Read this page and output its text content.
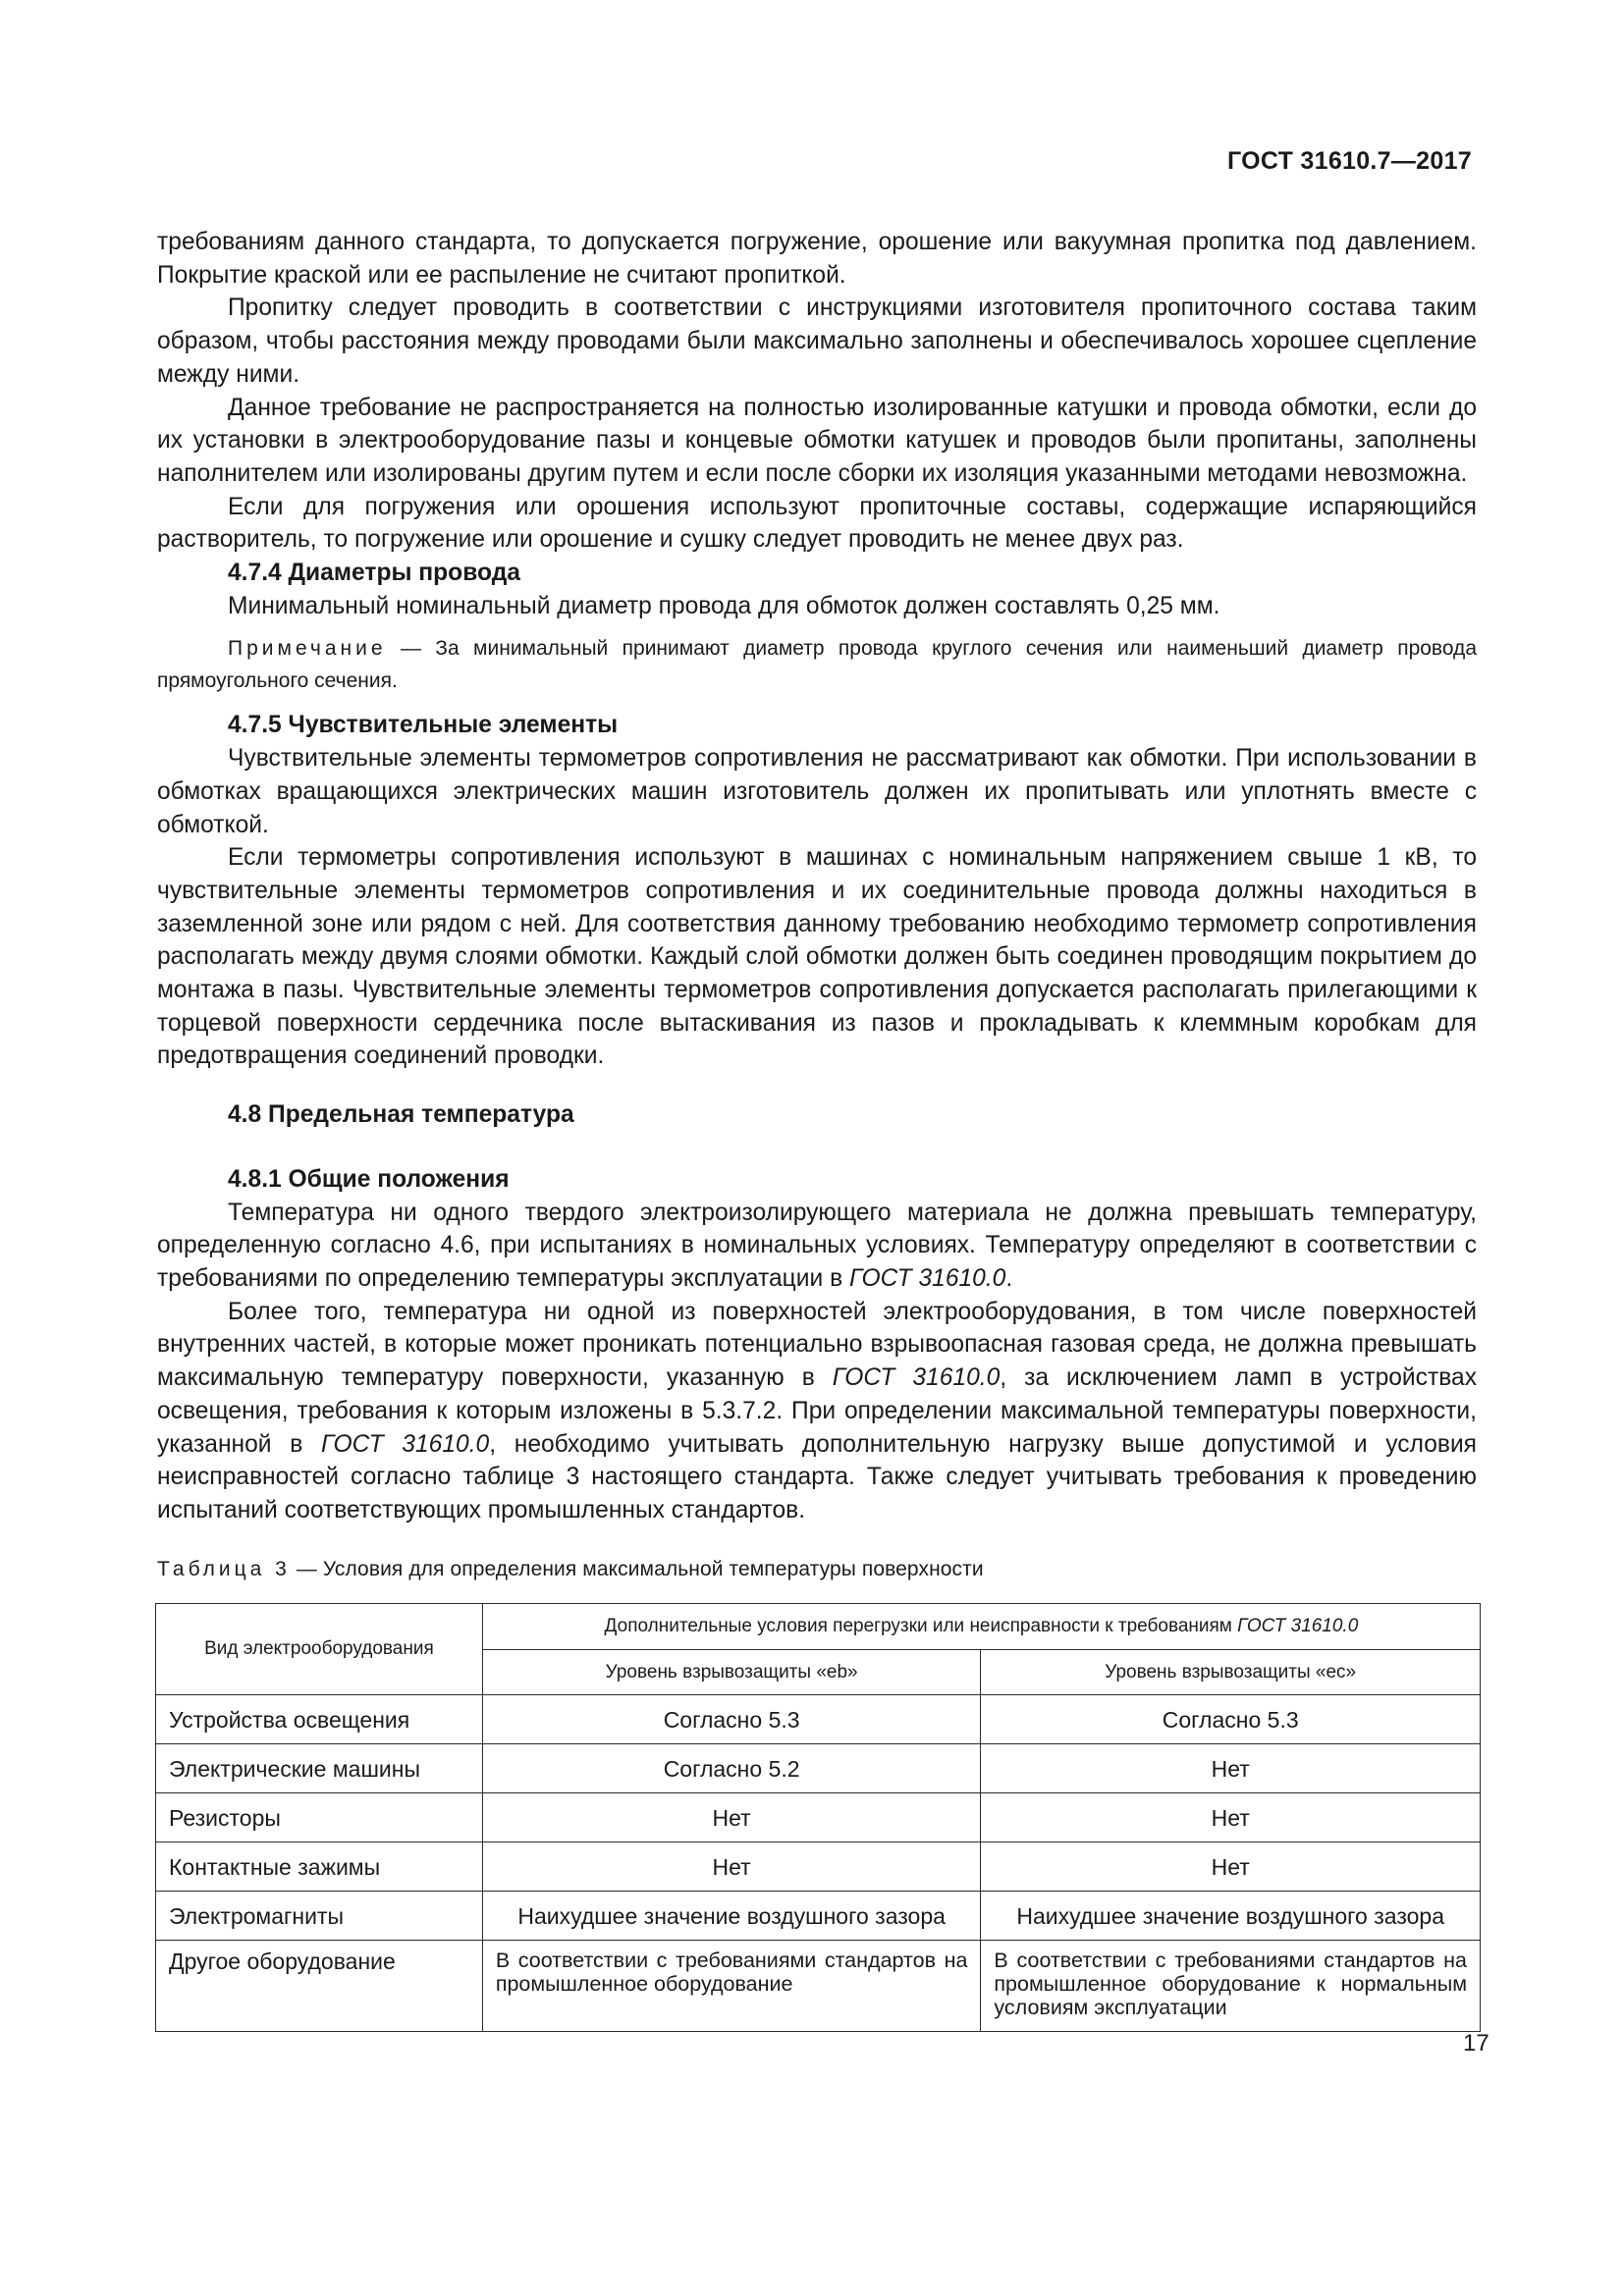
ГОСТ 31610.7—2017

требованиям данного стандарта, то допускается погружение, орошение или вакуумная пропитка под давлением. Покрытие краской или ее распыление не считают пропиткой.

Пропитку следует проводить в соответствии с инструкциями изготовителя пропиточного состава таким образом, чтобы расстояния между проводами были максимально заполнены и обеспечивалось хорошее сцепление между ними.

Данное требование не распространяется на полностью изолированные катушки и провода обмотки, если до их установки в электрооборудование пазы и концевые обмотки катушек и проводов были пропитаны, заполнены наполнителем или изолированы другим путем и если после сборки их изоляция указанными методами невозможна.

Если для погружения или орошения используют пропиточные составы, содержащие испаряющийся растворитель, то погружение или орошение и сушку следует проводить не менее двух раз.

4.7.4 Диаметры провода

Минимальный номинальный диаметр провода для обмоток должен составлять 0,25 мм.

Примечание — За минимальный принимают диаметр провода круглого сечения или наименьший диаметр провода прямоугольного сечения.

4.7.5 Чувствительные элементы

Чувствительные элементы термометров сопротивления не рассматривают как обмотки. При использовании в обмотках вращающихся электрических машин изготовитель должен их пропитывать или уплотнять вместе с обмоткой.

Если термометры сопротивления используют в машинах с номинальным напряжением свыше 1 кВ, то чувствительные элементы термометров сопротивления и их соединительные провода должны находиться в заземленной зоне или рядом с ней. Для соответствия данному требованию необходимо термометр сопротивления располагать между двумя слоями обмотки. Каждый слой обмотки должен быть соединен проводящим покрытием до монтажа в пазы. Чувствительные элементы термометров сопротивления допускается располагать прилегающими к торцевой поверхности сердечника после вытаскивания из пазов и прокладывать к клеммным коробкам для предотвращения соединений проводки.

4.8 Предельная температура
4.8.1 Общие положения

Температура ни одного твердого электроизолирующего материала не должна превышать температуру, определенную согласно 4.6, при испытаниях в номинальных условиях. Температуру определяют в соответствии с требованиями по определению температуры эксплуатации в ГОСТ 31610.0.

Более того, температура ни одной из поверхностей электрооборудования, в том числе поверхностей внутренних частей, в которые может проникать потенциально взрывоопасная газовая среда, не должна превышать максимальную температуру поверхности, указанную в ГОСТ 31610.0, за исключением ламп в устройствах освещения, требования к которым изложены в 5.3.7.2. При определении максимальной температуры поверхности, указанной в ГОСТ 31610.0, необходимо учитывать дополнительную нагрузку выше допустимой и условия неисправностей согласно таблице 3 настоящего стандарта. Также следует учитывать требования к проведению испытаний соответствующих промышленных стандартов.

Таблица 3 — Условия для определения максимальной температуры поверхности
Вид электрооборудования	Дополнительные условия перегрузки или неисправности к требованиям ГОСТ 31610.0	
	Уровень взрывозащиты «eb»	Уровень взрывозащиты «ec»
Устройства освещения	Согласно 5.3	Согласно 5.3
Электрические машины	Согласно 5.2	Нет
Резисторы	Нет	Нет
Контактные зажимы	Нет	Нет
Электромагниты	Наихудшее значение воздушного зазора	Наихудшее значение воздушного зазора
Другое оборудование	В соответствии с требованиями стандартов на промышленное оборудование	В соответствии с требованиями стандартов на промышленное оборудование к нормальным условиям эксплуатации
17
